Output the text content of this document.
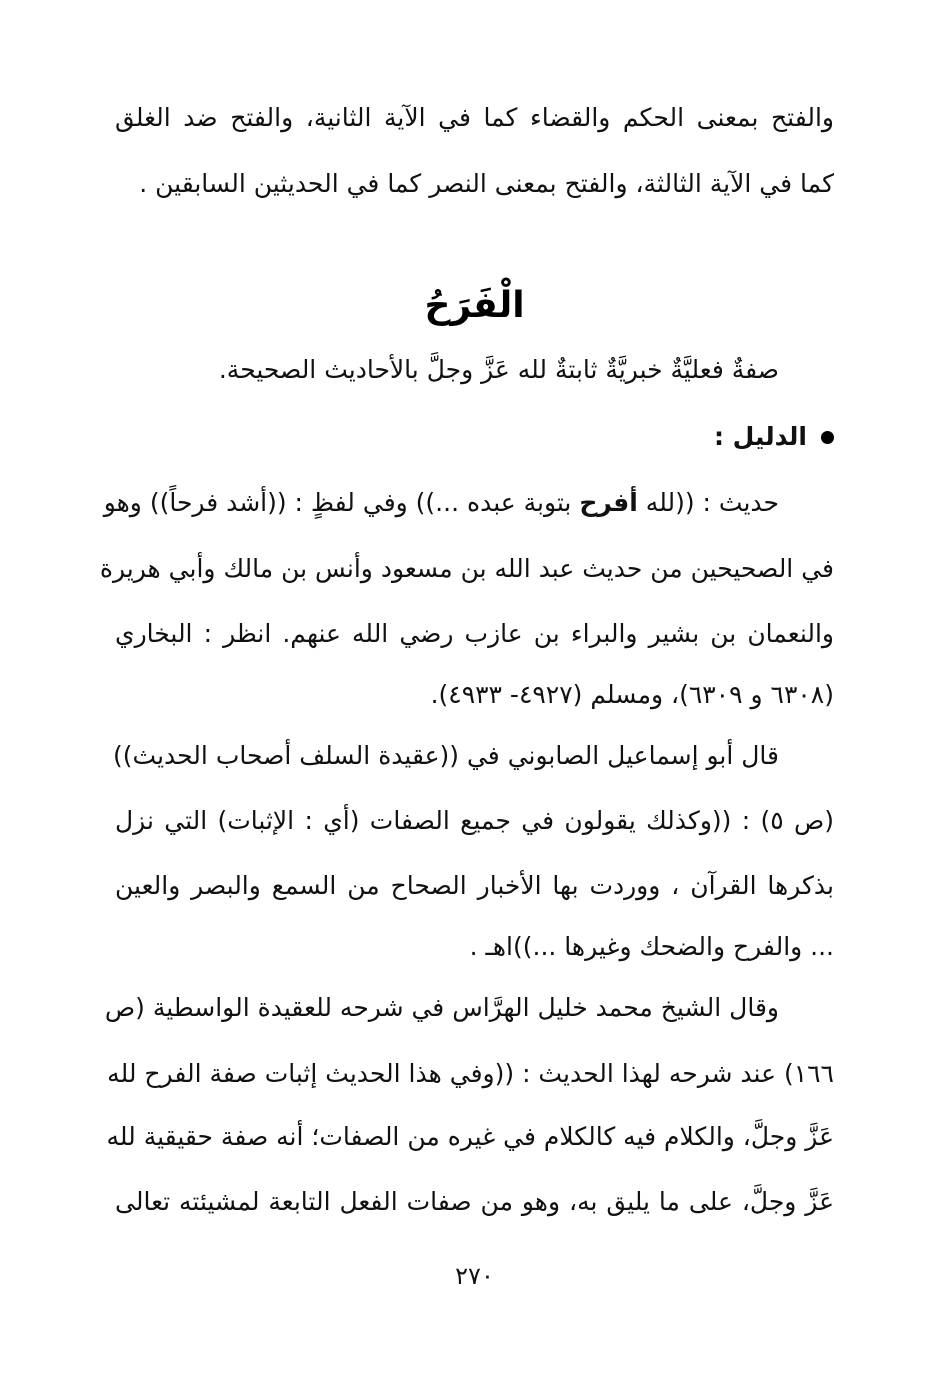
والفتح بمعنى الحكم والقضاء كما في الآية الثانية، والفتح ضد الغلق
كما في الآية الثالثة، والفتح بمعنى النصر كما في الحديثين السابقين .
الْفَرَحُ
صفةٌ فعليَّةٌ خبريَّةٌ ثابتةٌ لله عَزَّ وجلَّ بالأحاديث الصحيحة.
الدليل :
حديث : ((لله أفرح بتوبة عبده ...)) وفي لفظٍ : ((أشد فرحاً)) وهو
في الصحيحين من حديث عبد الله بن مسعود وأنس بن مالك وأبي هريرة
والنعمان بن بشير والبراء بن عازب رضي الله عنهم. انظر : البخاري
(٦٣٠٨ و ٦٣٠٩)، ومسلم (٤٩٢٧- ٤٩٣٣).
قال أبو إسماعيل الصابوني في ((عقيدة السلف أصحاب الحديث))
(ص ٥) : ((وكذلك يقولون في جميع الصفات (أي : الإثبات) التي نزل
بذكرها القرآن ، ووردت بها الأخبار الصحاح من السمع والبصر والعين
... والفرح والضحك وغيرها ...))اهـ .
وقال الشيخ محمد خليل الهرَّاس في شرحه للعقيدة الواسطية (ص
١٦٦) عند شرحه لهذا الحديث : ((وفي هذا الحديث إثبات صفة الفرح لله
عَزَّ وجلَّ، والكلام فيه كالكلام في غيره من الصفات؛ أنه صفة حقيقية لله
عَزَّ وجلَّ، على ما يليق به، وهو من صفات الفعل التابعة لمشيئته تعالى
٢٧٠
